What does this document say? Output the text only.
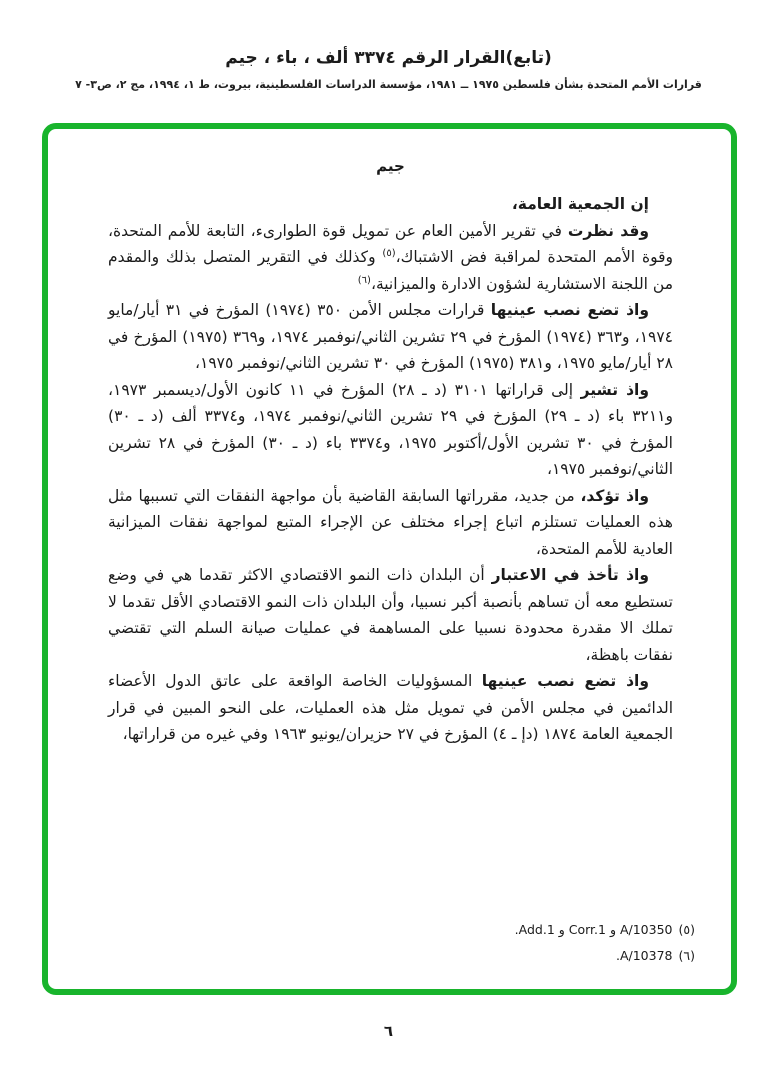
(تابع)القرار الرقم ٣٣٧٤ ألف ، باء ، جيم
قرارات الأمم المتحدة بشأن فلسطين ١٩٧٥ ــ ١٩٨١، مؤسسة الدراسات الفلسطينية، بيروت، ط ١، ١٩٩٤، مج ٢، ص٣- ٧
جيم

إن الجمعية العامة،

وقد نظرت في تقرير الأمين العام عن تمويل قوة الطوارىء، التابعة للأمم المتحدة، وقوة الأمم المتحدة لمراقبة فض الاشتباك،$^{(٥)}$ وكذلك في التقرير المتصل بذلك والمقدم من اللجنة الاستشارية لشؤون الادارة والميزانية،$^{(٦)}$

واذ تضع نصب عينيها قرارات مجلس الأمن ٣٥٠ (١٩٧٤) المؤرخ في ٣١ أيار/مايو ١٩٧٤، و٣٦٣ (١٩٧٤) المؤرخ في ٢٩ تشرين الثاني/نوفمبر ١٩٧٤، و٣٦٩ (١٩٧٥) المؤرخ في ٢٨ أيار/مايو ١٩٧٥، و٣٨١ (١٩٧٥) المؤرخ في ٣٠ تشرين الثاني/نوفمبر ١٩٧٥،

واذ تشير إلى قراراتها ٣١٠١ (د ـ ٢٨) المؤرخ في ١١ كانون الأول/ديسمبر ١٩٧٣، و٣٢١١ باء (د ـ ٢٩) المؤرخ في ٢٩ تشرين الثاني/نوفمبر ١٩٧٤، و٣٣٧٤ ألف (د ـ ٣٠) المؤرخ في ٣٠ تشرين الأول/أكتوبر ١٩٧٥، و٣٣٧٤ باء (د ـ ٣٠) المؤرخ في ٢٨ تشرين الثاني/نوفمبر ١٩٧٥،

واذ تؤكد، من جديد، مقرراتها السابقة القاضية بأن مواجهة النفقات التي تسببها مثل هذه العمليات تستلزم اتباع إجراء مختلف عن الإجراء المتبع لمواجهة نفقات الميزانية العادية للأمم المتحدة،

واذ تأخذ في الاعتبار أن البلدان ذات النمو الاقتصادي الاكثر تقدما هي في وضع تستطيع معه أن تساهم بأنصبة أكبر نسبيا، وأن البلدان ذات النمو الاقتصادي الأقل تقدما لا تملك الا مقدرة محدودة نسبيا على المساهمة في عمليات صيانة السلم التي تقتضي نفقات باهظة،

واذ تضع نصب عينيها المسؤوليات الخاصة الواقعة على عاتق الدول الأعضاء الدائمين في مجلس الأمن في تمويل مثل هذه العمليات، على النحو المبين في قرار الجمعية العامة ١٨٧٤ (دإ ـ ٤) المؤرخ في ٢٧ حزيران/يونيو ١٩٦٣ وفي غيره من قراراتها،

(٥)A/10350 و Corr.1 و Add.1.
(٦)A/10378.
٦
